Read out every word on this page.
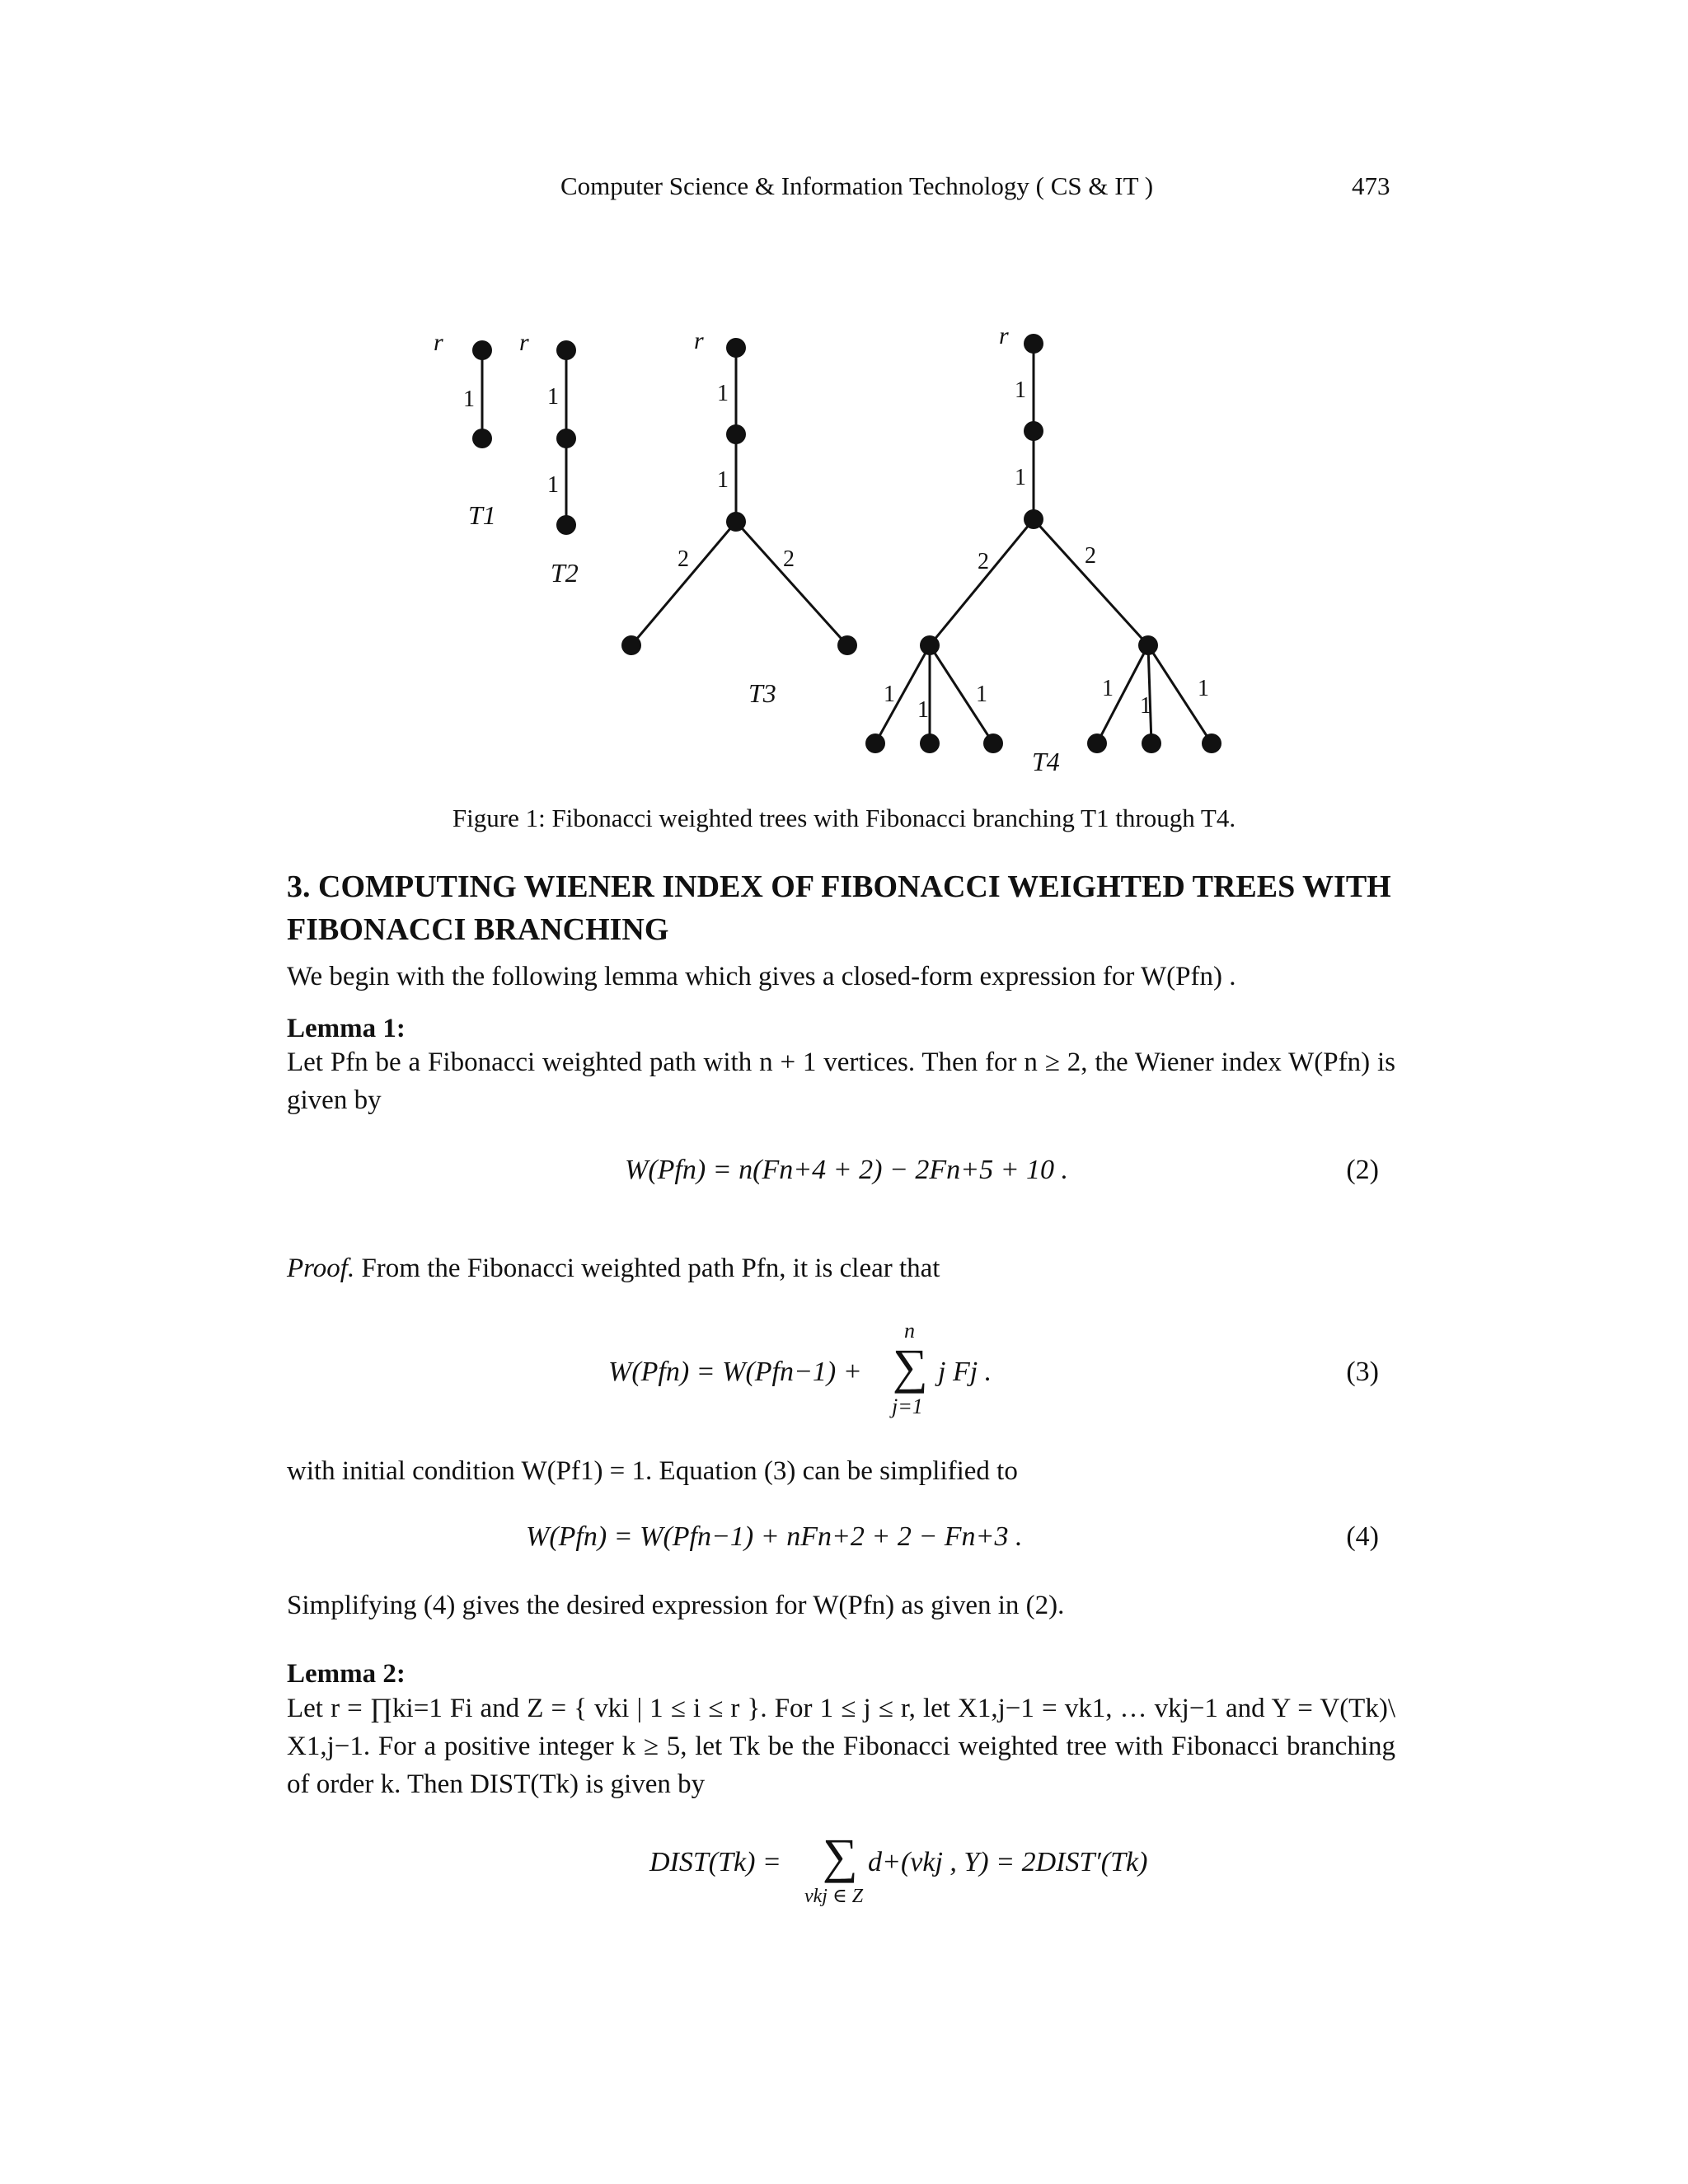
Computer Science & Information Technology ( CS & IT )	473
r	r	r	r
1	1
1
1
1
2	2
1
1
2	2
1
1
1	1
1
1
T1
T2
T3
T4
Figure 1: Fibonacci weighted trees with Fibonacci branching T1 through T4.
3. COMPUTING WIENER INDEX OF FIBONACCI WEIGHTED TREES WITH FIBONACCI BRANCHING
We begin with the following lemma which gives a closed-form expression for W(Pfn) .
Lemma 1:
Let Pfn be a Fibonacci weighted path with n + 1 vertices. Then for n ≥ 2, the Wiener index W(Pfn) is given by
W(Pfn) = n(Fn+4 + 2) − 2Fn+5 + 10 .	(2)
Proof. From the Fibonacci weighted path Pfn, it is clear that
W(Pfn) = W(Pfn−1) +
n
∑
j=1
j Fj .	(3)
with initial condition W(Pf1) = 1. Equation (3) can be simplified to
W(Pfn) = W(Pfn−1) + nFn+2 + 2 − Fn+3 .	(4)
Simplifying (4) gives the desired expression for W(Pfn) as given in (2).
Lemma 2:
Let r = ∏ki=1 Fi and Z = { vki | 1 ≤ i ≤ r }. For 1 ≤ j ≤ r, let X1,j−1 = vk1, … vkj−1 and Y = V(Tk)\ X1,j−1. For a positive integer k ≥ 5, let Tk be the Fibonacci weighted tree with Fibonacci branching of order k. Then DIST(Tk) is given by
DIST(Tk) = ∑
vkj ∈ Z
d+(vkj , Y) = 2DIST′(Tk)
